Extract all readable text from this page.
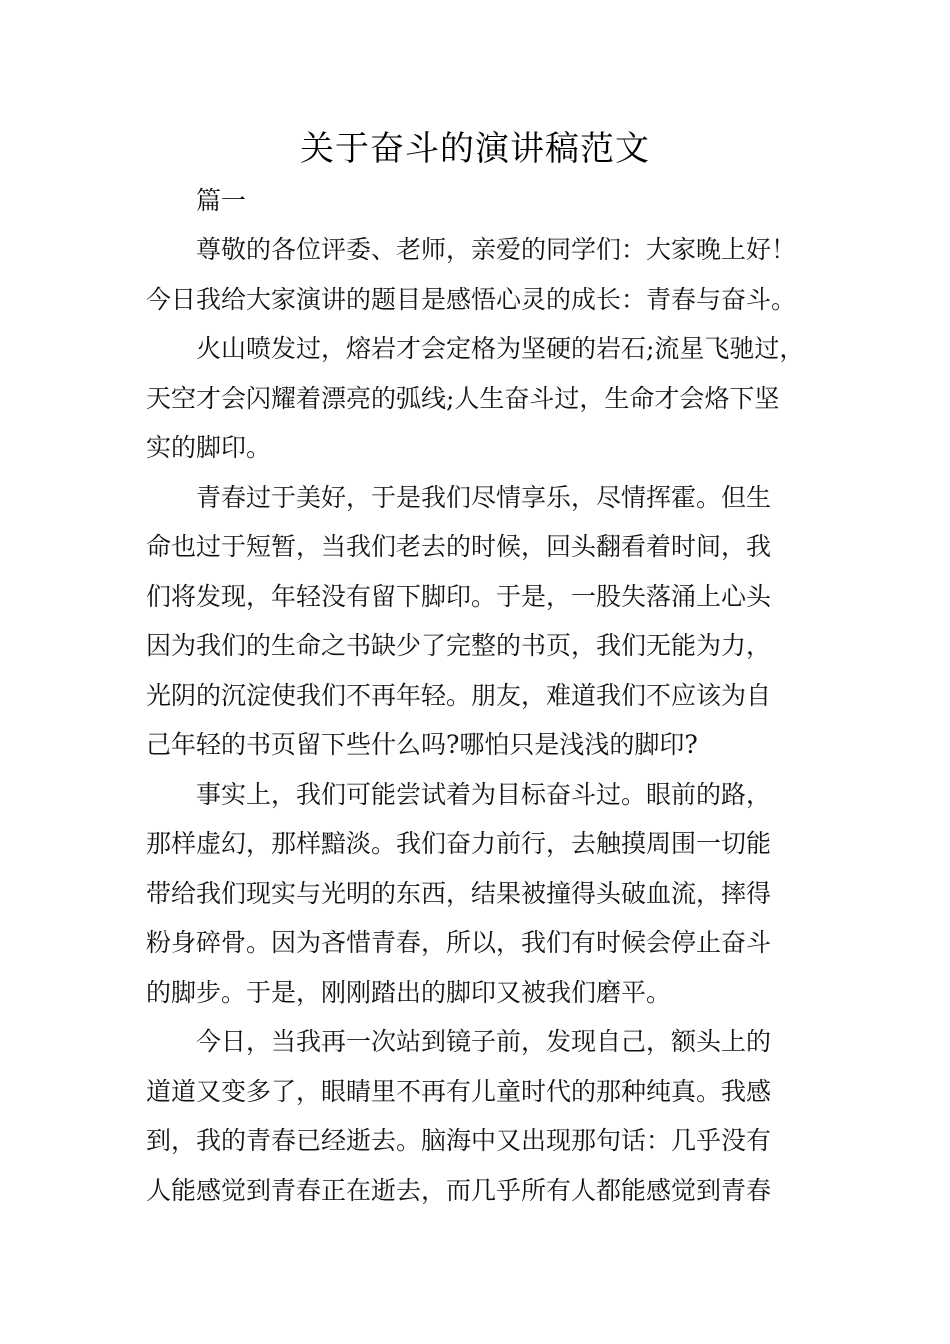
关于奋斗的演讲稿范文
篇一
尊敬的各位评委、老师，亲爱的同学们：大家晚上好！
今日我给大家演讲的题目是感悟心灵的成长：青春与奋斗。
火山喷发过，熔岩才会定格为坚硬的岩石;流星飞驰过，
天空才会闪耀着漂亮的弧线;人生奋斗过，生命才会烙下坚
实的脚印。
青春过于美好，于是我们尽情享乐，尽情挥霍。但生
命也过于短暂，当我们老去的时候，回头翻看着时间，我
们将发现，年轻没有留下脚印。于是，一股失落涌上心头
因为我们的生命之书缺少了完整的书页，我们无能为力，
光阴的沉淀使我们不再年轻。朋友，难道我们不应该为自
己年轻的书页留下些什么吗?哪怕只是浅浅的脚印?
事实上，我们可能尝试着为目标奋斗过。眼前的路，
那样虚幻，那样黯淡。我们奋力前行，去触摸周围一切能
带给我们现实与光明的东西，结果被撞得头破血流，摔得
粉身碎骨。因为吝惜青春，所以，我们有时候会停止奋斗
的脚步。于是，刚刚踏出的脚印又被我们磨平。
今日，当我再一次站到镜子前，发现自己，额头上的
道道又变多了，眼睛里不再有儿童时代的那种纯真。我感
到，我的青春已经逝去。脑海中又出现那句话：几乎没有
人能感觉到青春正在逝去，而几乎所有人都能感觉到青春
